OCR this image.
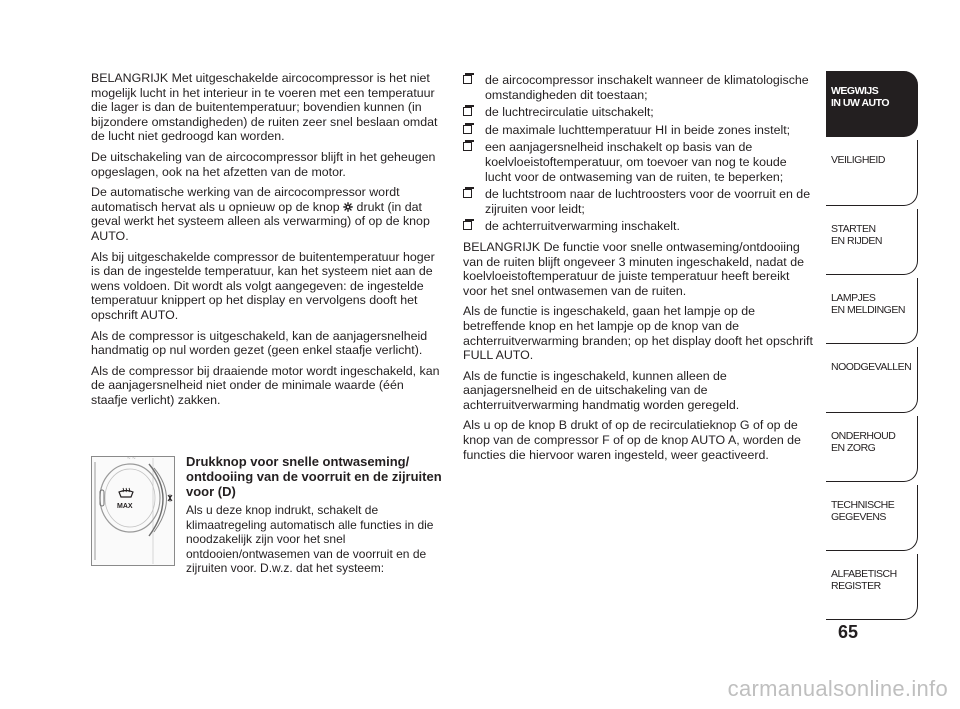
BELANGRIJK Met uitgeschakelde aircocompressor is het niet mogelijk lucht in het interieur in te voeren met een temperatuur die lager is dan de buitentemperatuur; bovendien kunnen (in bijzondere omstandigheden) de ruiten zeer snel beslaan omdat de lucht niet gedroogd kan worden.

De uitschakeling van de aircocompressor blijft in het geheugen opgeslagen, ook na het afzetten van de motor.

De automatische werking van de aircocompressor wordt automatisch hervat als u opnieuw op de knop  drukt (in dat geval werkt het systeem alleen als verwarming) of op de knop AUTO.

Als bij uitgeschakelde compressor de buitentemperatuur hoger is dan de ingestelde temperatuur, kan het systeem niet aan de wens voldoen. Dit wordt als volgt aangegeven: de ingestelde temperatuur knippert op het display en vervolgens dooft het opschrift AUTO.

Als de compressor is uitgeschakeld, kan de aanjagersnelheid handmatig op nul worden gezet (geen enkel staafje verlicht).

Als de compressor bij draaiende motor wordt ingeschakeld, kan de aanjagersnelheid niet onder de minimale waarde (één staafje verlicht) zakken.

~ ~
MAX

Drukknop voor snelle ontwaseming/ ontdooiing van de voorruit en de zijruiten voor (D)

Als u deze knop indrukt, schakelt de klimaatregeling automatisch alle functies in die noodzakelijk zijn voor het snel ontdooien/ontwasemen van de voorruit en de zijruiten voor. D.w.z. dat het systeem:

de aircocompressor inschakelt wanneer de klimatologische omstandigheden dit toestaan;
de luchtrecirculatie uitschakelt;
de maximale luchttemperatuur HI in beide zones instelt;
een aanjagersnelheid inschakelt op basis van de koelvloeistoftemperatuur, om toevoer van nog te koude lucht voor de ontwaseming van de ruiten, te beperken;
de luchtstroom naar de luchtroosters voor de voorruit en de zijruiten voor leidt;
de achterruitverwarming inschakelt.

BELANGRIJK De functie voor snelle ontwaseming/ontdooiing van de ruiten blijft ongeveer 3 minuten ingeschakeld, nadat de koelvloeistoftemperatuur de juiste temperatuur heeft bereikt voor het snel ontwasemen van de ruiten.

Als de functie is ingeschakeld, gaan het lampje op de betreffende knop en het lampje op de knop van de achterruitverwarming branden; op het display dooft het opschrift FULL AUTO.

Als de functie is ingeschakeld, kunnen alleen de aanjagersnelheid en de uitschakeling van de achterruitverwarming handmatig worden geregeld.

Als u op de knop B drukt of op de recirculatieknop G of op de knop van de compressor F of op de knop AUTO A, worden de functies die hiervoor waren ingesteld, weer geactiveerd.

WEGWIJS
IN UW AUTO
VEILIGHEID
STARTEN
EN RIJDEN
LAMPJES
EN MELDINGEN
NOODGEVALLEN
ONDERHOUD
EN ZORG
TECHNISCHE
GEGEVENS
ALFABETISCH
REGISTER
65
carmanualsonline.info
